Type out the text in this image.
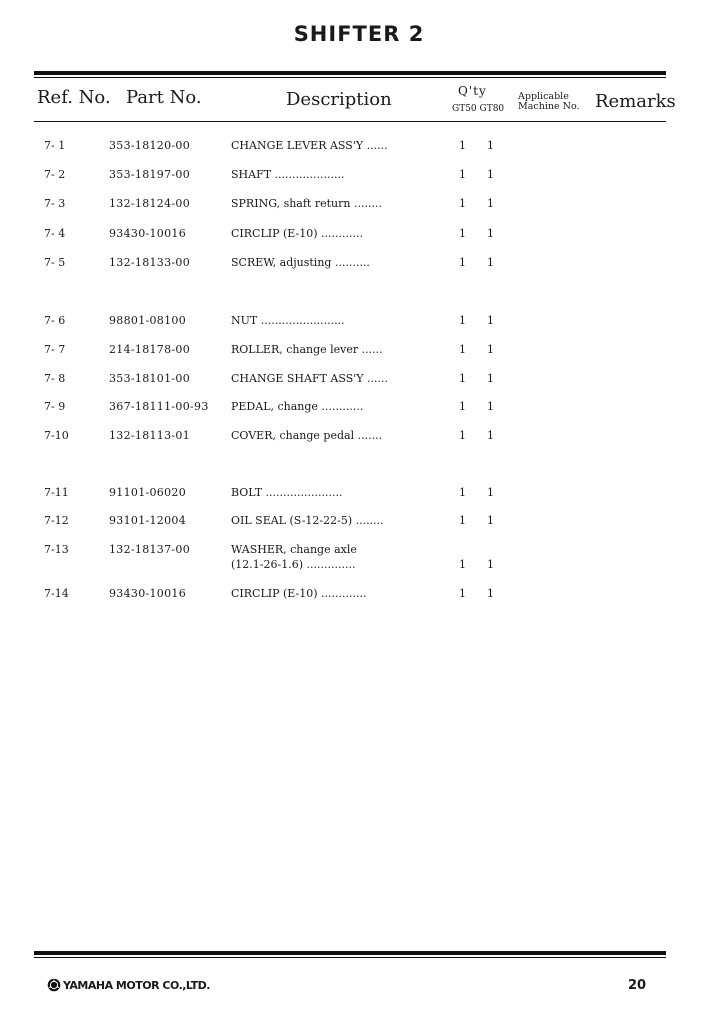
SHIFTER 2
Ref. No. Part No.	Description	Q'ty
GT50 GT80
Applicable
Machine No. Remarks
7- 1	353-18120-00	CHANGE LEVER ASS'Y ......	1 1
7- 2	353-18197-00	SHAFT ....................	1 1
7- 3	132-18124-00	SPRING, shaft return ........	1 1
7- 4	93430-10016	CIRCLIP (E-10) ............	1 1
7- 5	132-18133-00	SCREW, adjusting ..........	1 1
7- 6	98801-08100	NUT ........................	1 1
7- 7	214-18178-00	ROLLER, change lever ......	1 1
7- 8	353-18101-00	CHANGE SHAFT ASS'Y ......	1 1
7- 9	367-18111-00-93 PEDAL, change ............	1 1
7-10	132-18113-01	COVER, change pedal .......	1 1
7-11	91101-06020	BOLT ......................	1 1
7-12	93101-12004	OIL SEAL (S-12-22-5) ........	1 1
7-13	132-18137-00	WASHER, change axle
(12.1-26-1.6) ..............	1 1
7-14	93430-10016	CIRCLIP (E-10) .............	1 1
YAMAHA MOTOR CO.,LTD.	20
